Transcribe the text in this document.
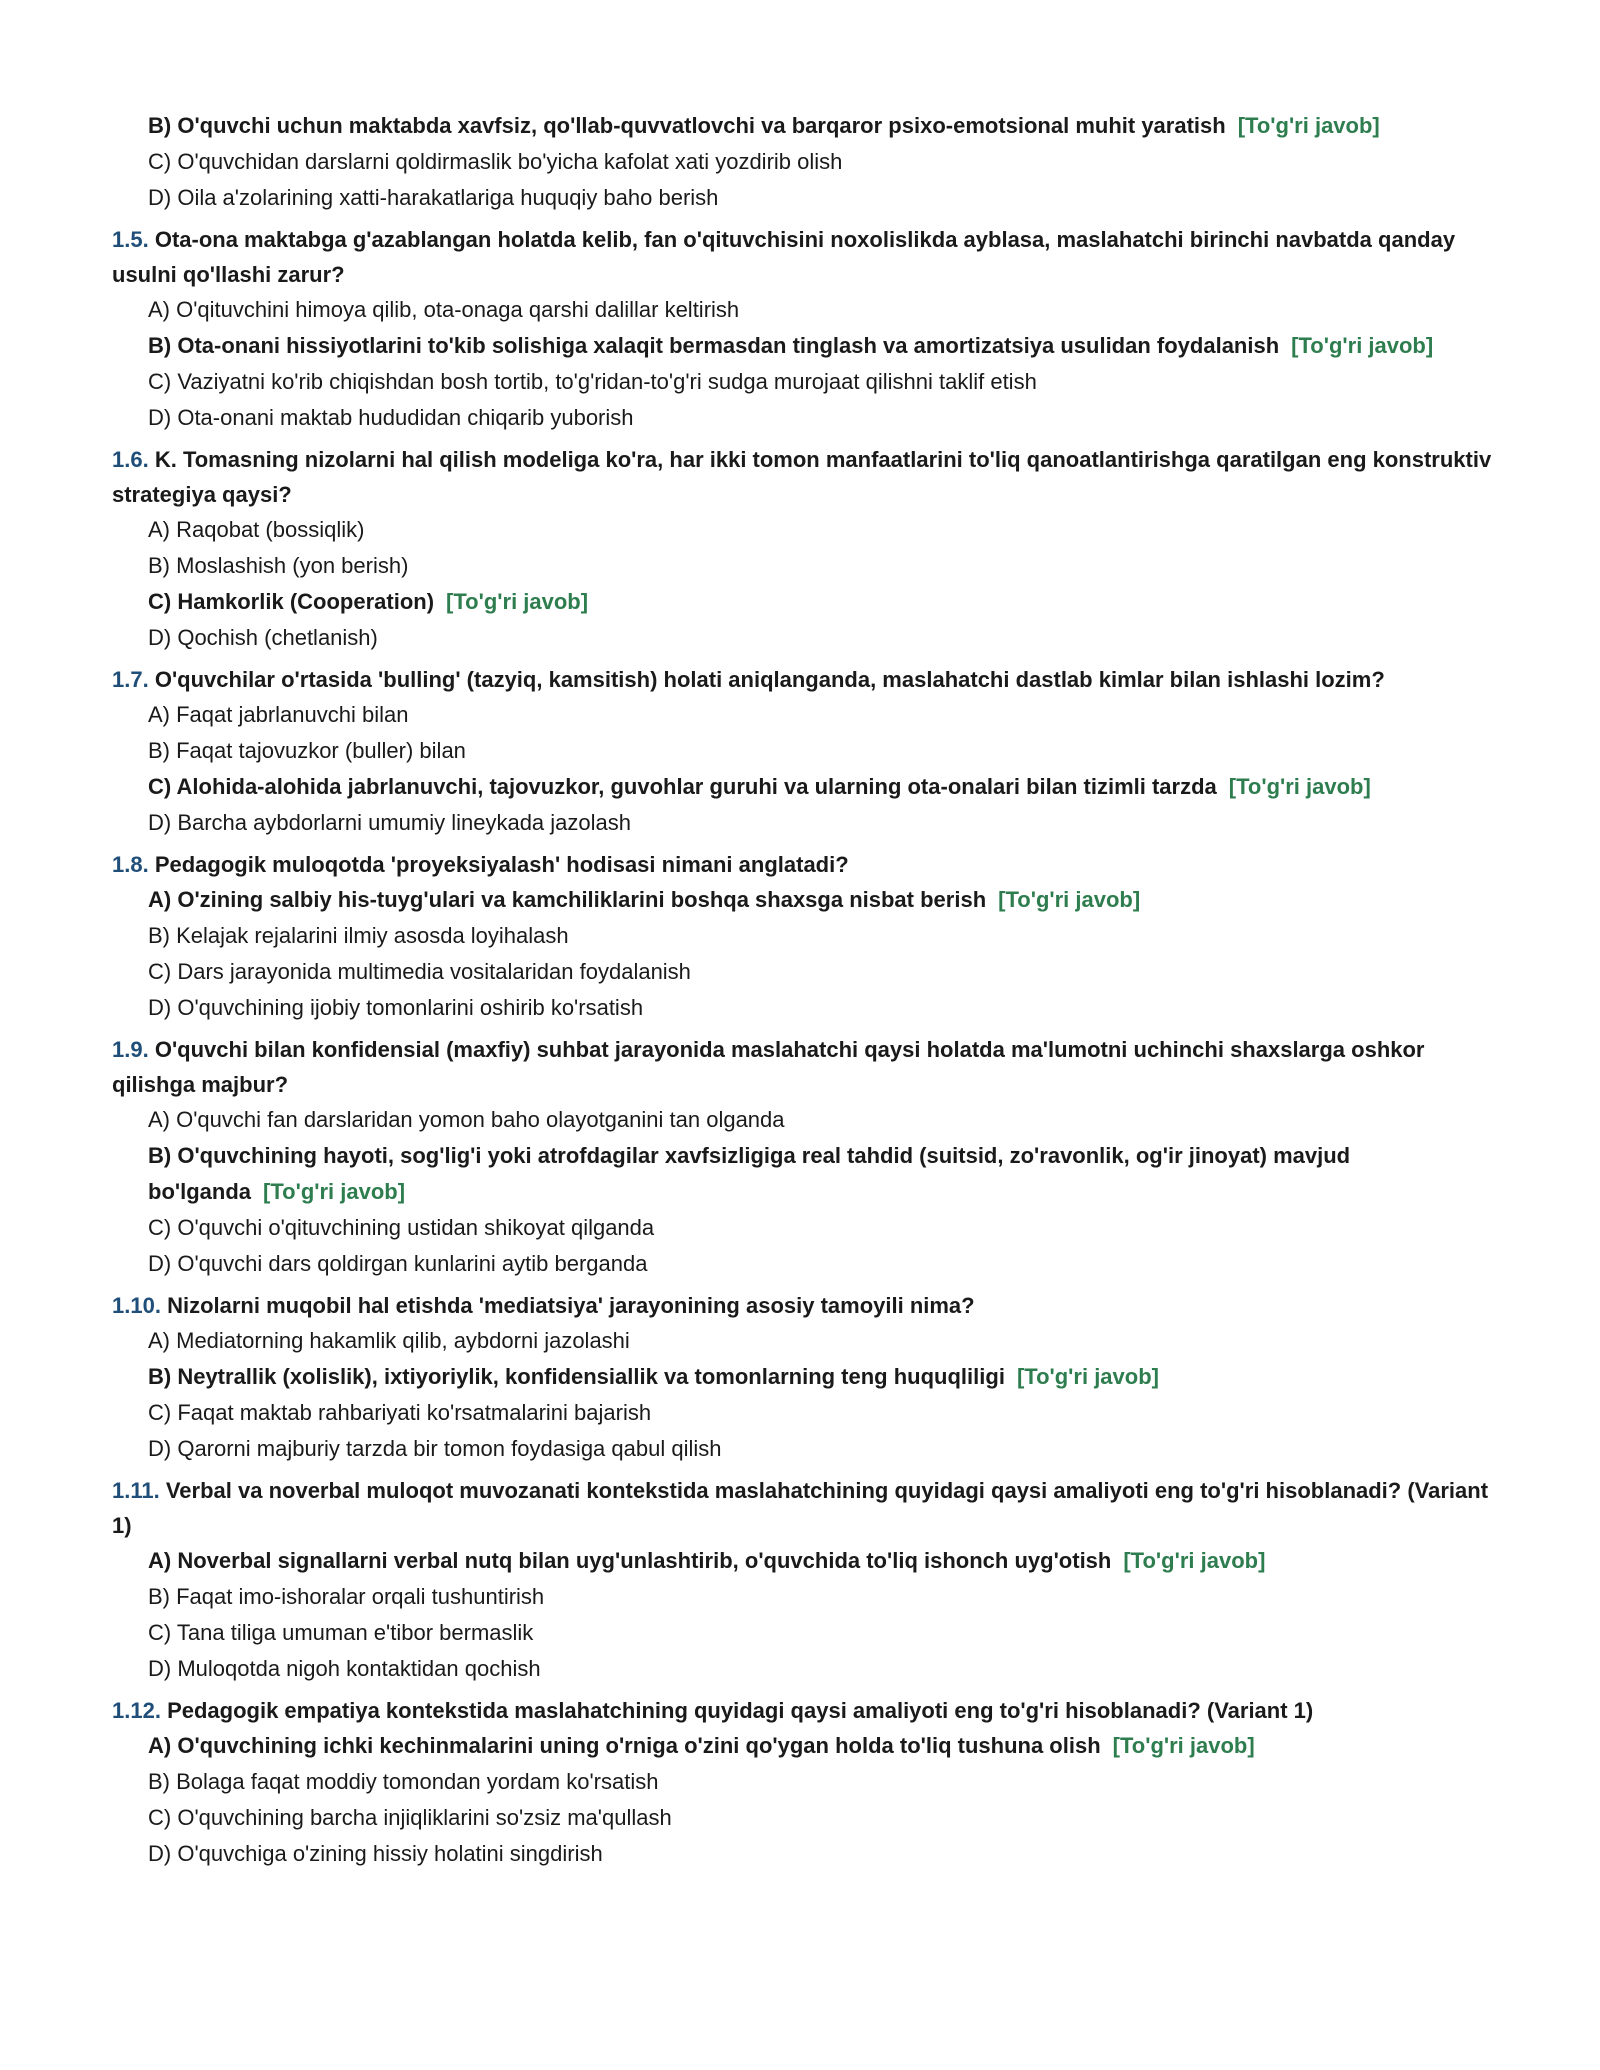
B) O'quvchi uchun maktabda xavfsiz, qo'llab-quvvatlovchi va barqaror psixo-emotsional muhit yaratish [To'g'ri javob]
C) O'quvchidan darslarni qoldirmaslik bo'yicha kafolat xati yozdirib olish
D) Oila a'zolarining xatti-harakatlariga huquqiy baho berish
1.5. Ota-ona maktabga g'azablangan holatda kelib, fan o'qituvchisini noxolislikda ayblasa, maslahatchi birinchi navbatda qanday usulni qo'llashi zarur?
A) O'qituvchini himoya qilib, ota-onaga qarshi dalillar keltirish
B) Ota-onani hissiyotlarini to'kib solishiga xalaqit bermasdan tinglash va amortizatsiya usulidan foydalanish [To'g'ri javob]
C) Vaziyatni ko'rib chiqishdan bosh tortib, to'g'ridan-to'g'ri sudga murojaat qilishni taklif etish
D) Ota-onani maktab hududidan chiqarib yuborish
1.6. K. Tomasning nizolarni hal qilish modeliga ko'ra, har ikki tomon manfaatlarini to'liq qanoatlantirishga qaratilgan eng konstruktiv strategiya qaysi?
A) Raqobat (bossiqlik)
B) Moslashish (yon berish)
C) Hamkorlik (Cooperation) [To'g'ri javob]
D) Qochish (chetlanish)
1.7. O'quvchilar o'rtasida 'bulling' (tazyiq, kamsitish) holati aniqlanganda, maslahatchi dastlab kimlar bilan ishlashi lozim?
A) Faqat jabrlanuvchi bilan
B) Faqat tajovuzkor (buller) bilan
C) Alohida-alohida jabrlanuvchi, tajovuzkor, guvohlar guruhi va ularning ota-onalari bilan tizimli tarzda [To'g'ri javob]
D) Barcha aybdorlarni umumiy lineykada jazolash
1.8. Pedagogik muloqotda 'proyeksiyalash' hodisasi nimani anglatadi?
A) O'zining salbiy his-tuyg'ulari va kamchiliklarini boshqa shaxsga nisbat berish [To'g'ri javob]
B) Kelajak rejalarini ilmiy asosda loyihalash
C) Dars jarayonida multimedia vositalaridan foydalanish
D) O'quvchining ijobiy tomonlarini oshirib ko'rsatish
1.9. O'quvchi bilan konfidensial (maxfiy) suhbat jarayonida maslahatchi qaysi holatda ma'lumotni uchinchi shaxslarga oshkor qilishga majbur?
A) O'quvchi fan darslaridan yomon baho olayotganini tan olganda
B) O'quvchining hayoti, sog'lig'i yoki atrofdagilar xavfsizligiga real tahdid (suitsid, zo'ravonlik, og'ir jinoyat) mavjud bo'lganda [To'g'ri javob]
C) O'quvchi o'qituvchining ustidan shikoyat qilganda
D) O'quvchi dars qoldirgan kunlarini aytib berganda
1.10. Nizolarni muqobil hal etishda 'mediatsiya' jarayonining asosiy tamoyili nima?
A) Mediatorning hakamlik qilib, aybdorni jazolashi
B) Neytrallik (xolislik), ixtiyoriylik, konfidensiallik va tomonlarning teng huquqliligi [To'g'ri javob]
C) Faqat maktab rahbariyati ko'rsatmalarini bajarish
D) Qarorni majburiy tarzda bir tomon foydasiga qabul qilish
1.11. Verbal va noverbal muloqot muvozanati kontekstida maslahatchining quyidagi qaysi amaliyoti eng to'g'ri hisoblanadi? (Variant 1)
A) Noverbal signallarni verbal nutq bilan uyg'unlashtirib, o'quvchida to'liq ishonch uyg'otish [To'g'ri javob]
B) Faqat imo-ishoralar orqali tushuntirish
C) Tana tiliga umuman e'tibor bermaslik
D) Muloqotda nigoh kontaktidan qochish
1.12. Pedagogik empatiya kontekstida maslahatchining quyidagi qaysi amaliyoti eng to'g'ri hisoblanadi? (Variant 1)
A) O'quvchining ichki kechinmalarini uning o'rniga o'zini qo'ygan holda to'liq tushuna olish [To'g'ri javob]
B) Bolaga faqat moddiy tomondan yordam ko'rsatish
C) O'quvchining barcha injiqliklarini so'zsiz ma'qullash
D) O'quvchiga o'zining hissiy holatini singdirish
